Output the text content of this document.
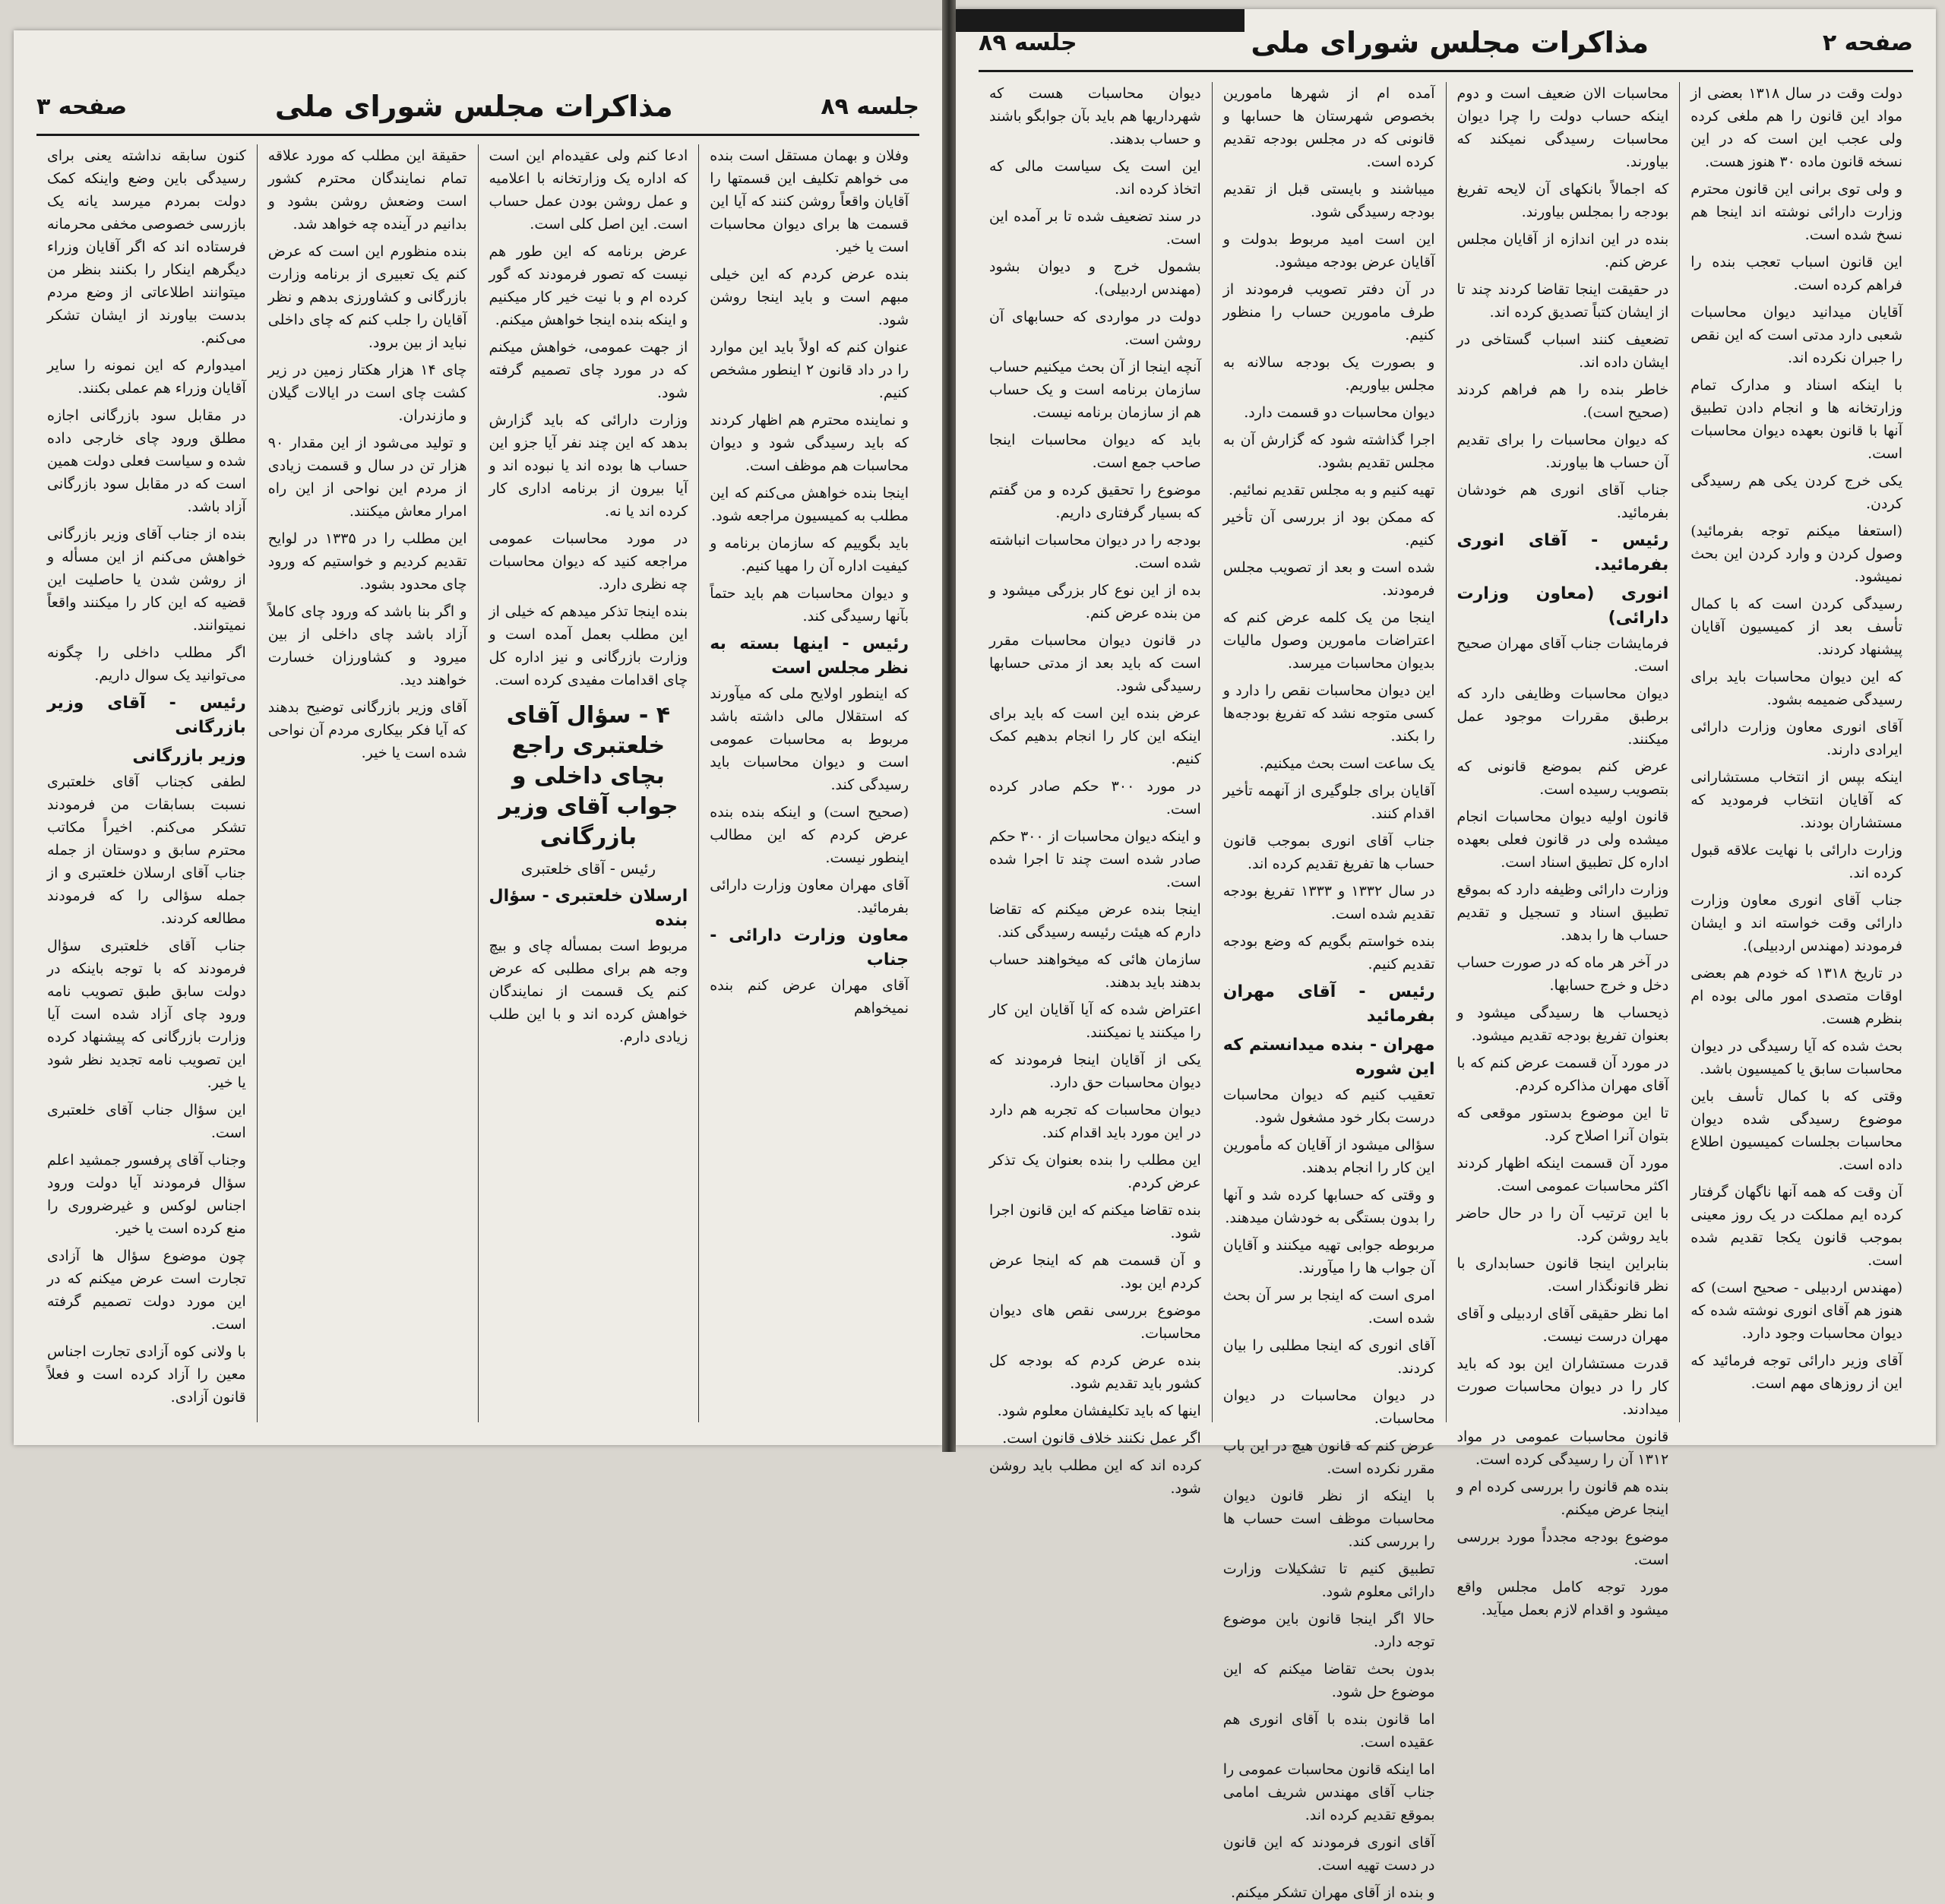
جلسه ۸۹
مذاکرات مجلس شورای ملی
صفحه ۳

وفلان و بهمان مستقل است بنده می خواهم تکلیف این قسمتها را آقایان واقعاً روشن کنند که آیا این قسمت ها برای دیوان محاسبات است یا خیر.

بنده عرض کردم که این خیلی مبهم است و باید اینجا روشن شود.

عنوان کنم که اولاً باید این موارد را در داد قانون ۲ اینطور مشخص کنیم.

و نماینده محترم هم اظهار کردند که باید رسیدگی شود و دیوان محاسبات هم موظف است.

اینجا بنده خواهش می‌کنم که این مطلب به کمیسیون مراجعه شود.

باید بگوییم که سازمان برنامه و کیفیت اداره آن را مهیا کنیم.

و دیوان محاسبات هم باید حتماً بآنها رسیدگی کند.

رئیس - اینها بسته به نظر مجلس است

که اینطور اولایح ملی که میآورند که استقلال مالی داشته باشد مربوط به محاسبات عمومی است و دیوان محاسبات باید رسیدگی کند.

(صحیح است) و اینکه بنده بنده عرض کردم که این مطالب اینطور نیست.

آقای مهران معاون وزارت دارائی بفرمائید.

معاون وزارت دارائی - جناب

آقای مهران عرض کنم بنده نمیخواهم

ادعا کنم ولی عقیده‌ام این است که اداره یک وزارتخانه با اعلامیه و عمل روشن بودن عمل حساب است. این اصل کلی است.

عرض برنامه که این طور هم نیست که تصور فرمودند که گور کرده ام و با نیت خیر کار میکنیم و اینکه بنده اینجا خواهش میکنم.

از جهت عمومی، خواهش میکنم که در مورد چای تصمیم گرفته شود.

وزارت دارائی که باید گزارش بدهد که این چند نفر آیا جزو این حساب ها بوده اند یا نبوده اند و آیا بیرون از برنامه اداری کار کرده اند یا نه.

در مورد محاسبات عمومی مراجعه کنید که دیوان محاسبات چه نظری دارد.

بنده اینجا تذکر میدهم که خیلی از این مطلب بعمل آمده است و وزارت بازرگانی و نیز اداره کل چای اقدامات مفیدی کرده است.

۴ - سؤال آقای خلعتبری راجع بچای داخلی و جواب آقای وزیر بازرگانی
رئیس - آقای خلعتبری
ارسلان خلعتبری - سؤال بنده

مربوط است بمسأله چای و بیچ وجه هم برای مطلبی که عرض کنم یک قسمت از نمایندگان خواهش کرده اند و با این طلب زیادی دارم.

حقیقة این مطلب که مورد علاقه تمام نمایندگان محترم کشور است وضعش روشن بشود و بدانیم در آینده چه خواهد شد.

بنده منظورم این است که عرض کنم یک تعبیری از برنامه وزارت بازرگانی و کشاورزی بدهم و نظر آقایان را جلب کنم که چای داخلی نباید از بین برود.

چای ۱۴ هزار هکتار زمین در زیر کشت چای است در ایالات گیلان و مازندران.

و تولید می‌شود از این مقدار ۹۰ هزار تن در سال و قسمت زیادی از مردم این نواحی از این راه امرار معاش میکنند.

این مطلب را در ۱۳۳۵ در لوایح تقدیم کردیم و خواستیم که ورود چای محدود بشود.

و اگر بنا باشد که ورود چای کاملاً آزاد باشد چای داخلی از بین میرود و کشاورزان خسارت خواهند دید.

آقای وزیر بازرگانی توضیح بدهند که آیا فکر بیکاری مردم آن نواحی شده است یا خیر.

کنون سابقه نداشته یعنی برای رسیدگی باین وضع واینکه کمک دولت بمردم میرسد یانه یک بازرسی خصوصی مخفی محرمانه فرستاده اند که اگر آقایان وزراء دیگرهم اینکار را بکنند بنظر من میتوانند اطلاعاتی از وضع مردم بدست بیاورند از ایشان تشکر می‌کنم.

امیدوارم که این نمونه را سایر آقایان وزراء هم عملی بکنند.

در مقابل سود بازرگانی اجازه مطلق ورود چای خارجی داده شده و سیاست فعلی دولت همین است که در مقابل سود بازرگانی آزاد باشد.

بنده از جناب آقای وزیر بازرگانی خواهش می‌کنم از این مسأله و از روشن شدن یا حاصلیت این قضیه که این کار را میکنند واقعاً نمیتوانند.

اگر مطلب داخلی را چگونه می‌توانید یک سوال داریم.

رئیس - آقای وزیر بازرگانی
وزیر بازرگانی

لطفی کجناب آقای خلعتبری نسبت بسابقات من فرمودند تشکر می‌کنم. اخیراً مکاتب محترم سابق و دوستان از جمله جناب آقای ارسلان خلعتبری و از جمله سؤالی را که فرمودند مطالعه کردند.

جناب آقای خلعتبری سؤال فرمودند که با توجه باینکه در دولت سابق طبق تصویب نامه ورود چای آزاد شده است آیا وزارت بازرگانی که پیشنهاد کرده این تصویب نامه تجدید نظر شود یا خیر.

این سؤال جناب آقای خلعتبری است.

وجناب آقای پرفسور جمشید اعلم سؤال فرمودند آیا دولت ورود اجناس لوکس و غیرضروری را منع کرده است یا خیر.

چون موضوع سؤال ها آزادی تجارت است عرض میکنم که در این مورد دولت تصمیم گرفته است.

با ولانی کوه آزادی تجارت اجناس معین را آزاد کرده است و فعلاً قانون آزادی.

صفحه ۲
مذاکرات مجلس شورای ملی
جلسه ۸۹

دولت وقت در سال ۱۳۱۸ بعضی از مواد این قانون را هم ملغی کرده ولی عجب این است که در این نسخه قانون ماده ۳۰ هنوز هست.

و ولی توی برانی این قانون محترم وزارت دارائی نوشته اند اینجا هم نسخ شده است.

این قانون اسباب تعجب بنده را فراهم کرده است.

آقایان میدانید دیوان محاسبات شعبی دارد مدتی است که این نقص را جبران نکرده اند.

با اینکه اسناد و مدارک تمام وزارتخانه ها و انجام دادن تطبیق آنها با قانون بعهده دیوان محاسبات است.

یکی خرج کردن یکی هم رسیدگی کردن.

(استعفا میکنم توجه بفرمائید) وصول کردن و وارد کردن این بحث نمیشود.

رسیدگی کردن است که با کمال تأسف بعد از کمیسیون آقایان پیشنهاد کردند.

که این دیوان محاسبات باید برای رسیدگی ضمیمه بشود.

آقای انوری معاون وزارت دارائی ایرادی دارند.

اینکه بپس از انتخاب مستشارانی که آقایان انتخاب فرمودید که مستشاران بودند.

وزارت دارائی با نهایت علاقه قبول کرده اند.

جناب آقای انوری معاون وزارت دارائی وقت خواسته اند و ایشان فرمودند (مهندس اردبیلی).

در تاریخ ۱۳۱۸ که خودم هم بعضی اوقات متصدی امور مالی بوده ام بنظرم هست.

بحث شده که آیا رسیدگی در دیوان محاسبات سابق یا کمیسیون باشد.

وقتی که با کمال تأسف باین موضوع رسیدگی شده دیوان محاسبات بجلسات کمیسیون اطلاع داده است.

آن وقت که همه آنها ناگهان گرفتار کرده ایم مملکت در یک روز معینی بموجب قانون یکجا تقدیم شده است.

(مهندس اردبیلی - صحیح است) که هنوز هم آقای انوری نوشته شده که دیوان محاسبات وجود دارد.

آقای وزیر دارائی توجه فرمائید که این از روزهای مهم است.

محاسبات الان ضعیف است و دوم اینکه حساب دولت را چرا دیوان محاسبات رسیدگی نمیکند که بیاورند.

که اجمالاً بانکهای آن لایحه تفریغ بودجه را بمجلس بیاورند.

بنده در این اندازه از آقایان مجلس عرض کنم.

در حقیقت اینجا تقاضا کردند چند تا از ایشان کتباً تصدیق کرده اند.

تضعیف کنند اسباب گستاخی در ایشان داده اند.

خاطر بنده را هم فراهم کردند (صحیح است).

که دیوان محاسبات را برای تقدیم آن حساب ها بیاورند.

جناب آقای انوری هم خودشان بفرمائید.

رئیس - آقای انوری بفرمائید.
انوری (معاون وزارت دارائی)

فرمایشات جناب آقای مهران صحیح است.

دیوان محاسبات وظایفی دارد که برطبق مقررات موجود عمل میکنند.

عرض کنم بموضع قانونی که بتصویب رسیده است.

قانون اولیه دیوان محاسبات انجام میشده ولی در قانون فعلی بعهده اداره کل تطبیق اسناد است.

وزارت دارائی وظیفه دارد که بموقع تطبیق اسناد و تسجیل و تقدیم حساب ها را بدهد.

در آخر هر ماه که در صورت حساب دخل و خرج حسابها.

ذیحساب ها رسیدگی میشود و بعنوان تفریغ بودجه تقدیم میشود.

در مورد آن قسمت عرض کنم که با آقای مهران مذاکره کردم.

تا این موضوع بدستور موقعی که بتوان آنرا اصلاح کرد.

مورد آن قسمت اینکه اظهار کردند اکثر محاسبات عمومی است.

با این ترتیب آن را در حال حاضر باید روشن کرد.

بنابراین اینجا قانون حسابداری با نظر قانونگذار است.

اما نظر حقیقی آقای اردبیلی و آقای مهران درست نیست.

قدرت مستشاران این بود که باید کار را در دیوان محاسبات صورت میدادند.

قانون محاسبات عمومی در مواد ۱۳۱۲ آن را رسیدگی کرده است.

بنده هم قانون را بررسی کرده ام و اینجا عرض میکنم.

موضوع بودجه مجدداً مورد بررسی است.

مورد توجه کامل مجلس واقع میشود و اقدام لازم بعمل میآید.

آمده ام از شهرها مامورین بخصوص شهرستان ها حسابها و قانونی که در مجلس بودجه تقدیم کرده است.

میباشند و بایستی قبل از تقدیم بودجه رسیدگی شود.

این است امید مربوط بدولت و آقایان عرض بودجه میشود.

در آن دفتر تصویب فرمودند از طرف مامورین حساب را منظور کنیم.

و بصورت یک بودجه سالانه به مجلس بیاوریم.

دیوان محاسبات دو قسمت دارد.

اجرا گذاشته شود که گزارش آن به مجلس تقدیم بشود.

تهیه کنیم و به مجلس تقدیم نمائیم.

که ممکن بود از بررسی آن تأخیر کنیم.

شده است و بعد از تصویب مجلس فرمودند.

اینجا من یک کلمه عرض کنم که اعتراضات مامورین وصول مالیات بدیوان محاسبات میرسد.

این دیوان محاسبات نقص را دارد و کسی متوجه نشد که تفریغ بودجه‌ها را بکند.

یک ساعت است بحث میکنیم.

آقایان برای جلوگیری از آنهمه تأخیر اقدام کنند.

جناب آقای انوری بموجب قانون حساب ها تفریغ تقدیم کرده اند.

در سال ۱۳۳۲ و ۱۳۳۳ تفریغ بودجه تقدیم شده است.

بنده خواستم بگویم که وضع بودجه تقدیم کنیم.

رئیس - آقای مهران بفرمائید
مهران - بنده میدانستم که این شوره

تعقیب کنیم که دیوان محاسبات درست بکار خود مشغول شود.

سؤالی میشود از آقایان که مأمورین این کار را انجام بدهند.

و وقتی که حسابها کرده شد و آنها را بدون بستگی به خودشان میدهند.

مربوطه جوابی تهیه میکنند و آقایان آن جواب ها را میآورند.

امری است که اینجا بر سر آن بحث شده است.

آقای انوری که اینجا مطلبی را بیان کردند.

در دیوان محاسبات در دیوان محاسبات.

عرض کنم که قانون هیچ در این باب مقرر نکرده است.

با اینکه از نظر قانون دیوان محاسبات موظف است حساب ها را بررسی کند.

تطبیق کنیم تا تشکیلات وزارت دارائی معلوم شود.

حالا اگر اینجا قانون باین موضوع توجه دارد.

بدون بحث تقاضا میکنم که این موضوع حل شود.

اما قانون بنده با آقای انوری هم عقیده است.

اما اینکه قانون محاسبات عمومی را جناب آقای مهندس شریف امامی بموقع تقدیم کرده اند.

آقای انوری فرمودند که این قانون در دست تهیه است.

و بنده از آقای مهران تشکر میکنم.

دیوان محاسبات هست که شهرداریها هم باید بآن جوابگو باشند و حساب بدهند.

این است یک سیاست مالی که اتخاذ کرده اند.

در سند تضعیف شده تا بر آمده این است.

بشمول خرج و دیوان بشود (مهندس اردبیلی).

دولت در مواردی که حسابهای آن روشن است.

آنچه اینجا از آن بحث میکنیم حساب سازمان برنامه است و یک حساب هم از سازمان برنامه نیست.

باید که دیوان محاسبات اینجا صاحب جمع است.

موضوع را تحقیق کرده و من گفتم که بسیار گرفتاری داریم.

بودجه را در دیوان محاسبات انباشته شده است.

بده از این نوع کار بزرگی میشود و من بنده عرض کنم.

در قانون دیوان محاسبات مقرر است که باید بعد از مدتی حسابها رسیدگی شود.

عرض بنده این است که باید برای اینکه این کار را انجام بدهیم کمک کنیم.

در مورد ۳۰۰ حکم صادر کرده است.

و اینکه دیوان محاسبات از ۳۰۰ حکم صادر شده است چند تا اجرا شده است.

اینجا بنده عرض میکنم که تقاضا دارم که هیئت رئیسه رسیدگی کند.

سازمان هائی که میخواهند حساب بدهند باید بدهند.

اعتراض شده که آیا آقایان این کار را میکنند یا نمیکنند.

یکی از آقایان اینجا فرمودند که دیوان محاسبات حق دارد.

دیوان محاسبات که تجربه هم دارد در این مورد باید اقدام کند.

این مطلب را بنده بعنوان یک تذکر عرض کردم.

بنده تقاضا میکنم که این قانون اجرا شود.

و آن قسمت هم که اینجا عرض کردم این بود.

موضوع بررسی نقص های دیوان محاسبات.

بنده عرض کردم که بودجه کل کشور باید تقدیم شود.

اینها که باید تکلیفشان معلوم شود.

اگر عمل نکنند خلاف قانون است.

کرده اند که این مطلب باید روشن شود.
